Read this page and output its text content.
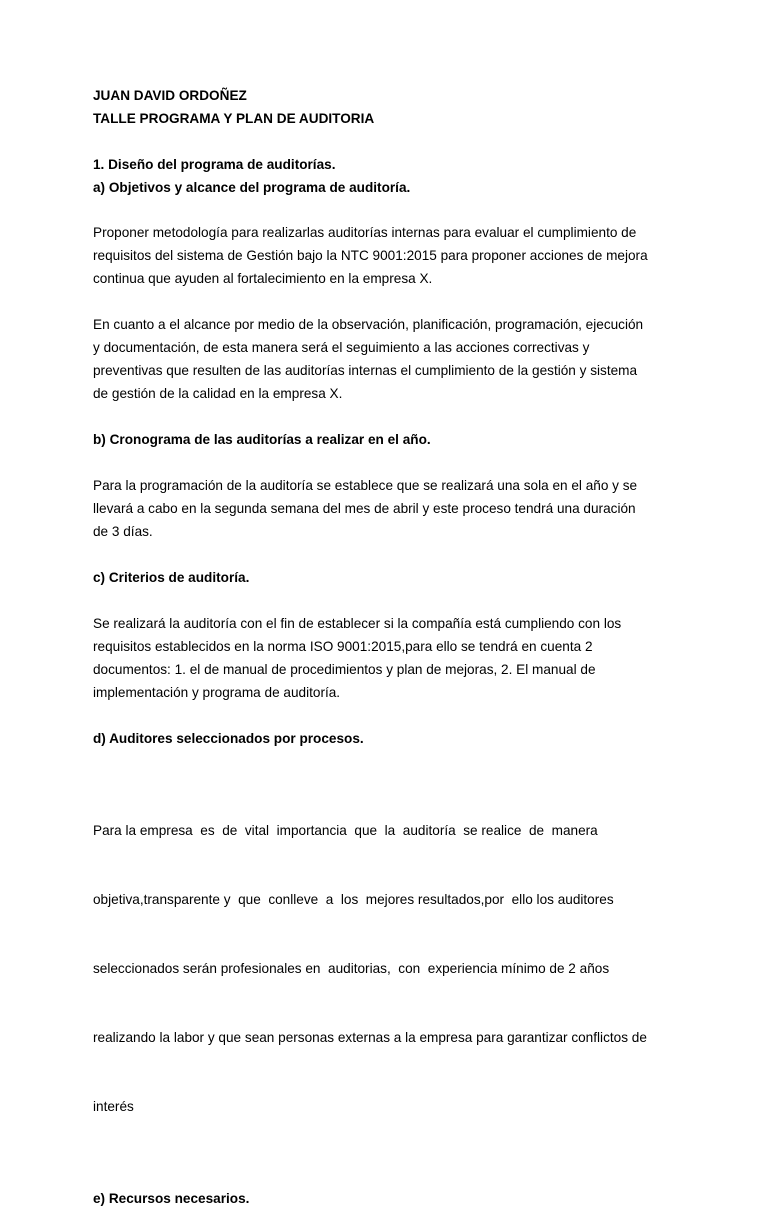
JUAN DAVID ORDOÑEZ

TALLE PROGRAMA Y PLAN DE AUDITORIA

1. Diseño del programa de auditorías.

a) Objetivos y alcance del programa de auditoría.

Proponer metodología para realizarlas auditorías internas para evaluar el cumplimiento de
requisitos del sistema de Gestión bajo la NTC 9001:2015 para proponer acciones de mejora
continua que ayuden al fortalecimiento en la empresa X.
En cuanto a el alcance por medio de la observación, planificación, programación, ejecución
y documentación, de esta manera será el seguimiento a las acciones correctivas y
preventivas que resulten de las auditorías internas el cumplimiento de la gestión y sistema
de gestión de la calidad en la empresa X.

b) Cronograma de las auditorías a realizar en el año.

Para la programación de la auditoría se establece que se realizará una sola en el año y se
llevará a cabo en la segunda semana del mes de abril y este proceso tendrá una duración
de 3 días.

c) Criterios de auditoría.

Se realizará la auditoría con el fin de establecer si la compañía está cumpliendo con los
requisitos establecidos en la norma ISO 9001:2015,para ello se tendrá en cuenta 2
documentos: 1. el de manual de procedimientos y plan de mejoras, 2. El manual de
implementación y programa de auditoría.

d) Auditores seleccionados por procesos.

Para la empresa  es  de  vital  importancia  que  la  auditoría  se realice  de  manera

objetiva,transparente y  que  conlleve  a  los  mejores resultados,por  ello los auditores

seleccionados serán profesionales en  auditorias,  con  experiencia mínimo de 2 años

realizando la labor y que sean personas externas a la empresa para garantizar conflictos de

interés

e) Recursos necesarios.
